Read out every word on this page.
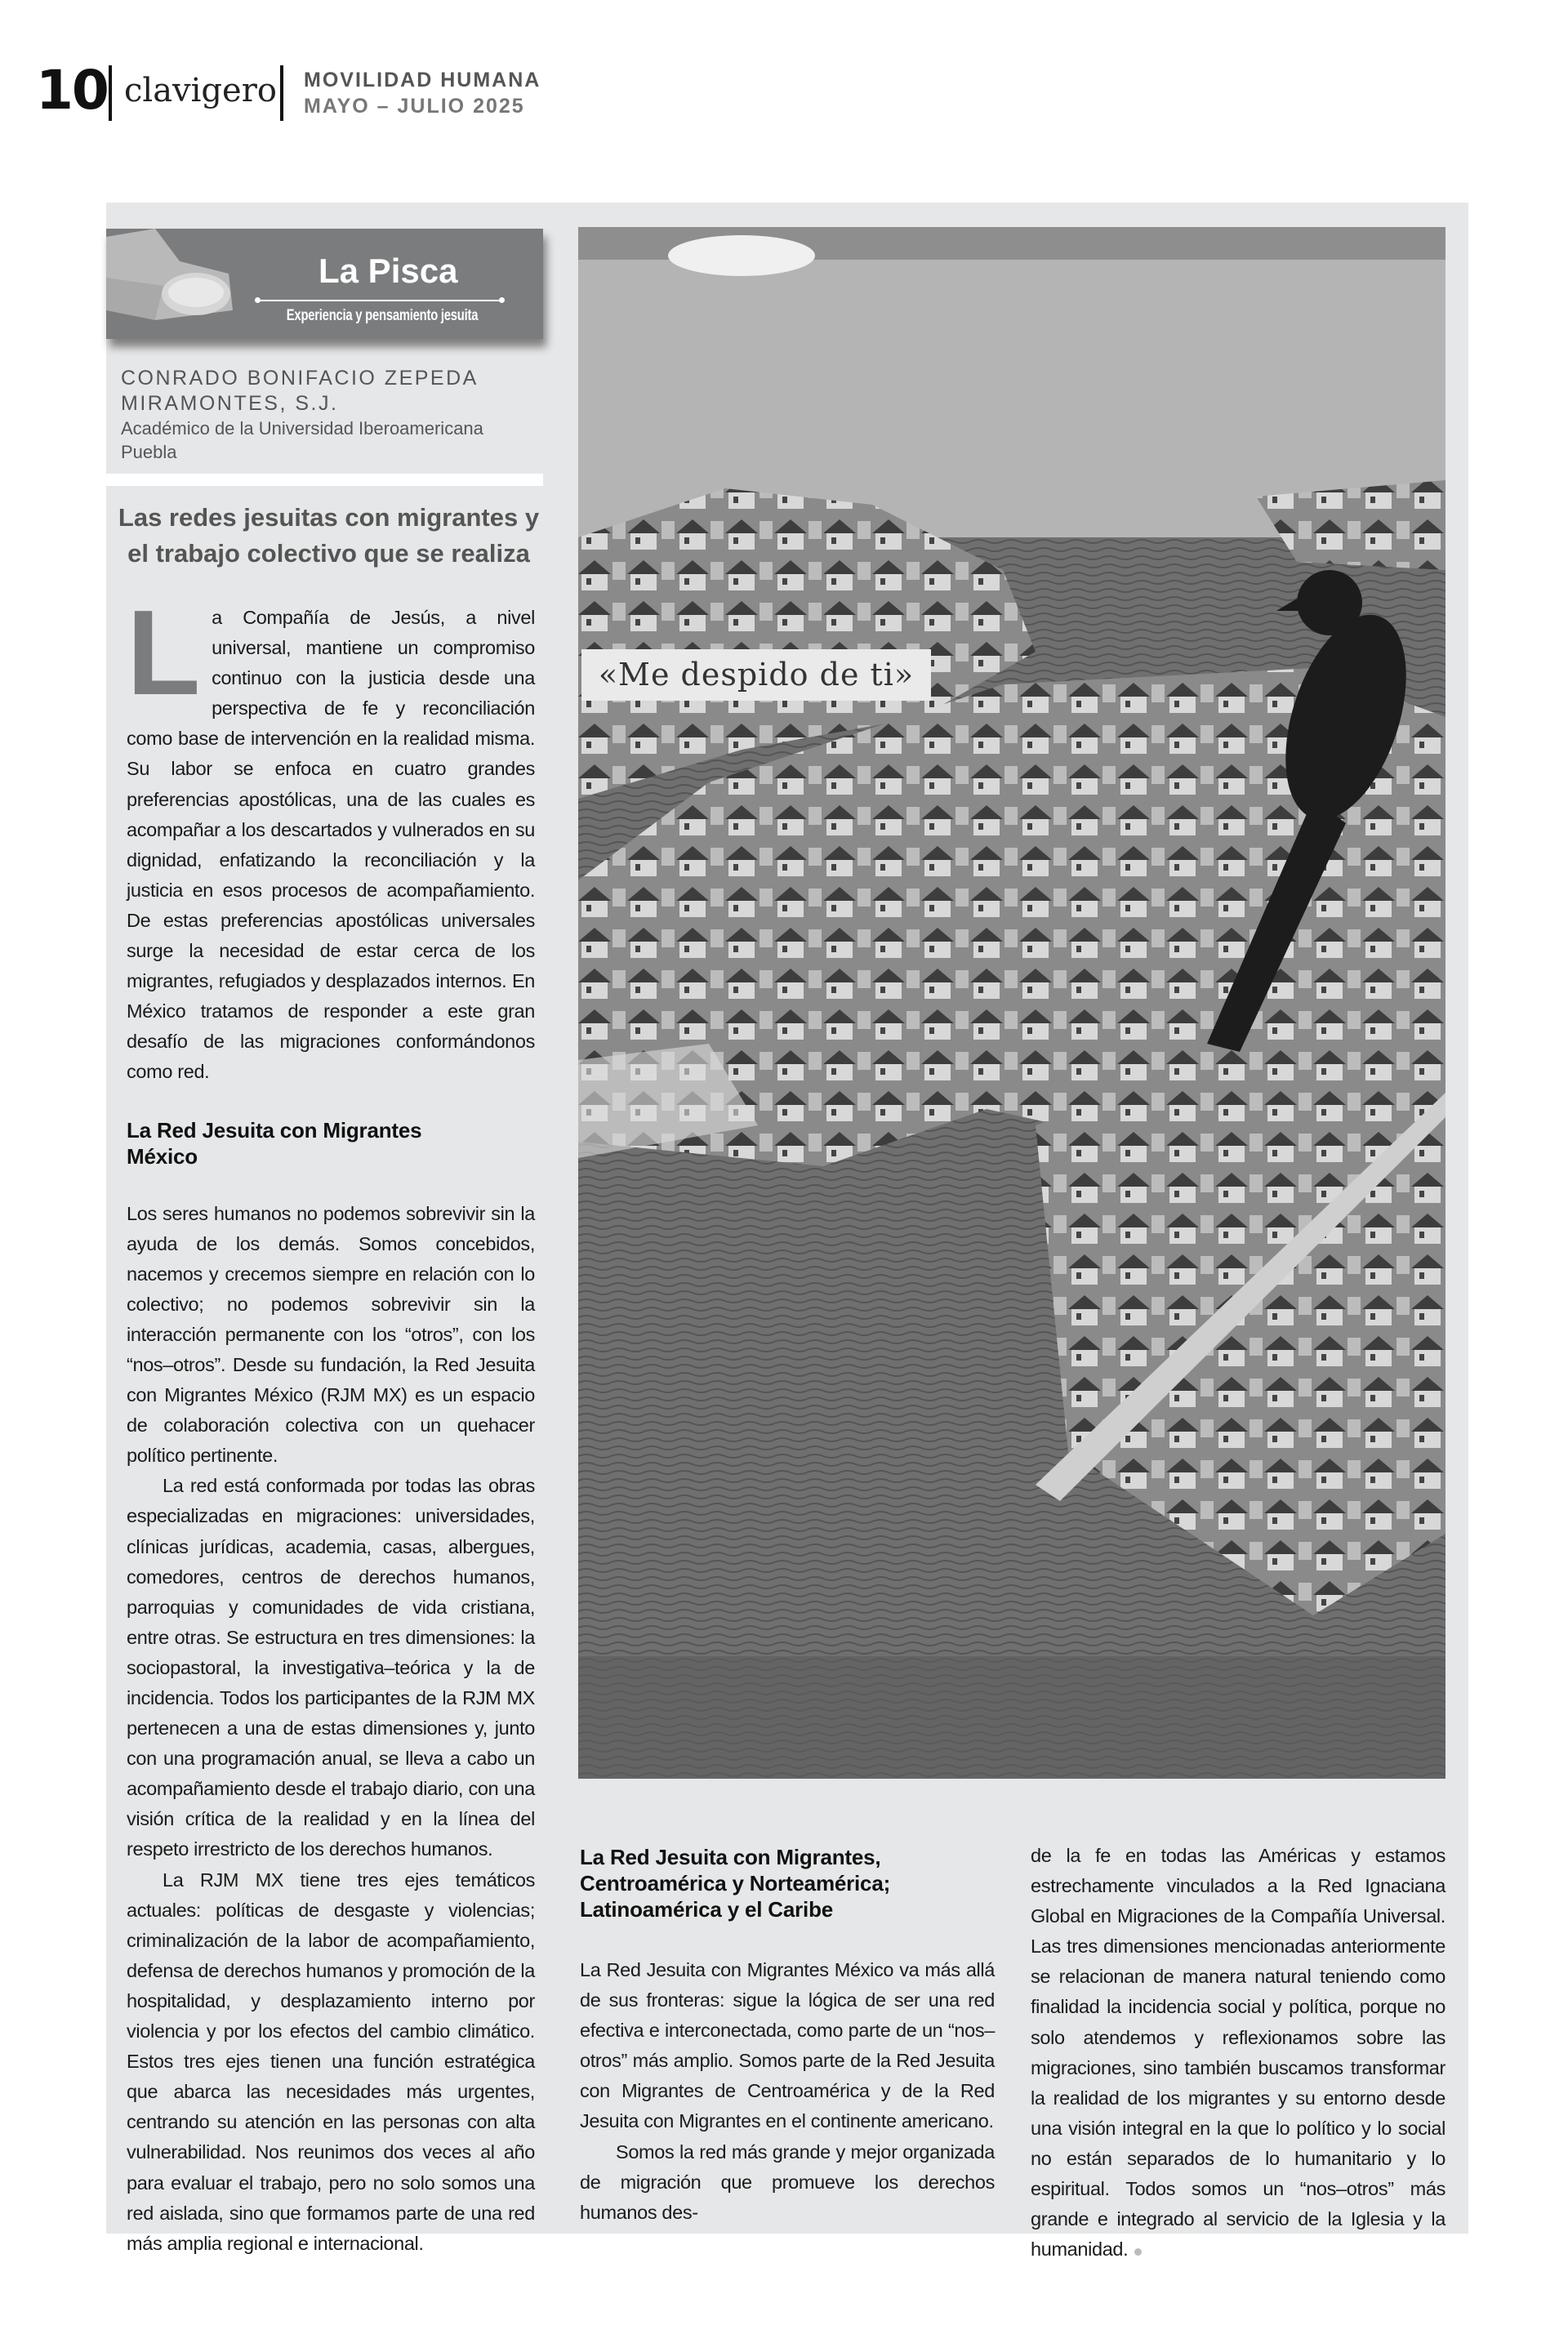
10 clavigero MOVILIDAD HUMANA
MAYO – JULIO 2025
La Pisca
Experiencia y pensamiento jesuita
CONRADO BONIFACIO ZEPEDA
MIRAMONTES, S.J.
Académico de la Universidad Iberoamericana
Puebla
Las redes jesuitas con migrantes y el trabajo colectivo que se realiza

La Compañía de Jesús, a nivel universal, mantiene un compromiso continuo con la justicia desde una perspectiva de fe y reconciliación como base de intervención en la realidad misma. Su labor se enfoca en cuatro grandes preferencias apostólicas, una de las cuales es acompañar a los descartados y vulnerados en su dignidad, enfatizando la reconciliación y la justicia en esos procesos de acompañamiento. De estas preferencias apostólicas universales surge la necesidad de estar cerca de los migrantes, refugiados y desplazados internos. En México tratamos de responder a este gran desafío de las migraciones conformándonos como red.

La Red Jesuita con Migrantes México

Los seres humanos no podemos sobrevivir sin la ayuda de los demás. Somos concebidos, nacemos y crecemos siempre en relación con lo colectivo; no podemos sobrevivir sin la interacción permanente con los “otros”, con los “nos–otros”. Desde su fundación, la Red Jesuita con Migrantes México (RJM MX) es un espacio de colaboración colectiva con un quehacer político pertinente.

La red está conformada por todas las obras especializadas en migraciones: universidades, clínicas jurídicas, academia, casas, albergues, comedores, centros de derechos humanos, parroquias y comunidades de vida cristiana, entre otras. Se estructura en tres dimensiones: la sociopastoral, la investigativa–teórica y la de incidencia. Todos los participantes de la RJM MX pertenecen a una de estas dimensiones y, junto con una programación anual, se lleva a cabo un acompañamiento desde el trabajo diario, con una visión crítica de la realidad y en la línea del respeto irrestricto de los derechos humanos.

La RJM MX tiene tres ejes temáticos actuales: políticas de desgaste y violencias; criminalización de la labor de acompañamiento, defensa de derechos humanos y promoción de la hospitalidad, y desplazamiento interno por violencia y por los efectos del cambio climático. Estos tres ejes tienen una función estratégica que abarca las necesidades más urgentes, centrando su atención en las personas con alta vulnerabilidad. Nos reunimos dos veces al año para evaluar el trabajo, pero no solo somos una red aislada, sino que formamos parte de una red más amplia regional e internacional.

«Me despido de ti»
La Red Jesuita con Migrantes, Centroamérica y Norteamérica; Latinoamérica y el Caribe

La Red Jesuita con Migrantes México va más allá de sus fronteras: sigue la lógica de ser una red efectiva e interconectada, como parte de un “nos–otros” más amplio. Somos parte de la Red Jesuita con Migrantes de Centroamérica y de la Red Jesuita con Migrantes en el continente americano.

Somos la red más grande y mejor organizada de migración que promueve los derechos humanos des-

de la fe en todas las Américas y estamos estrechamente vinculados a la Red Ignaciana Global en Migraciones de la Compañía Universal. Las tres dimensiones mencionadas anteriormente se relacionan de manera natural teniendo como finalidad la incidencia social y política, porque no solo atendemos y reflexionamos sobre las migraciones, sino también buscamos transformar la realidad de los migrantes y su entorno desde una visión integral en la que lo político y lo social no están separados de lo humanitario y lo espiritual. Todos somos un “nos–otros” más grande e integrado al servicio de la Iglesia y la humanidad.
